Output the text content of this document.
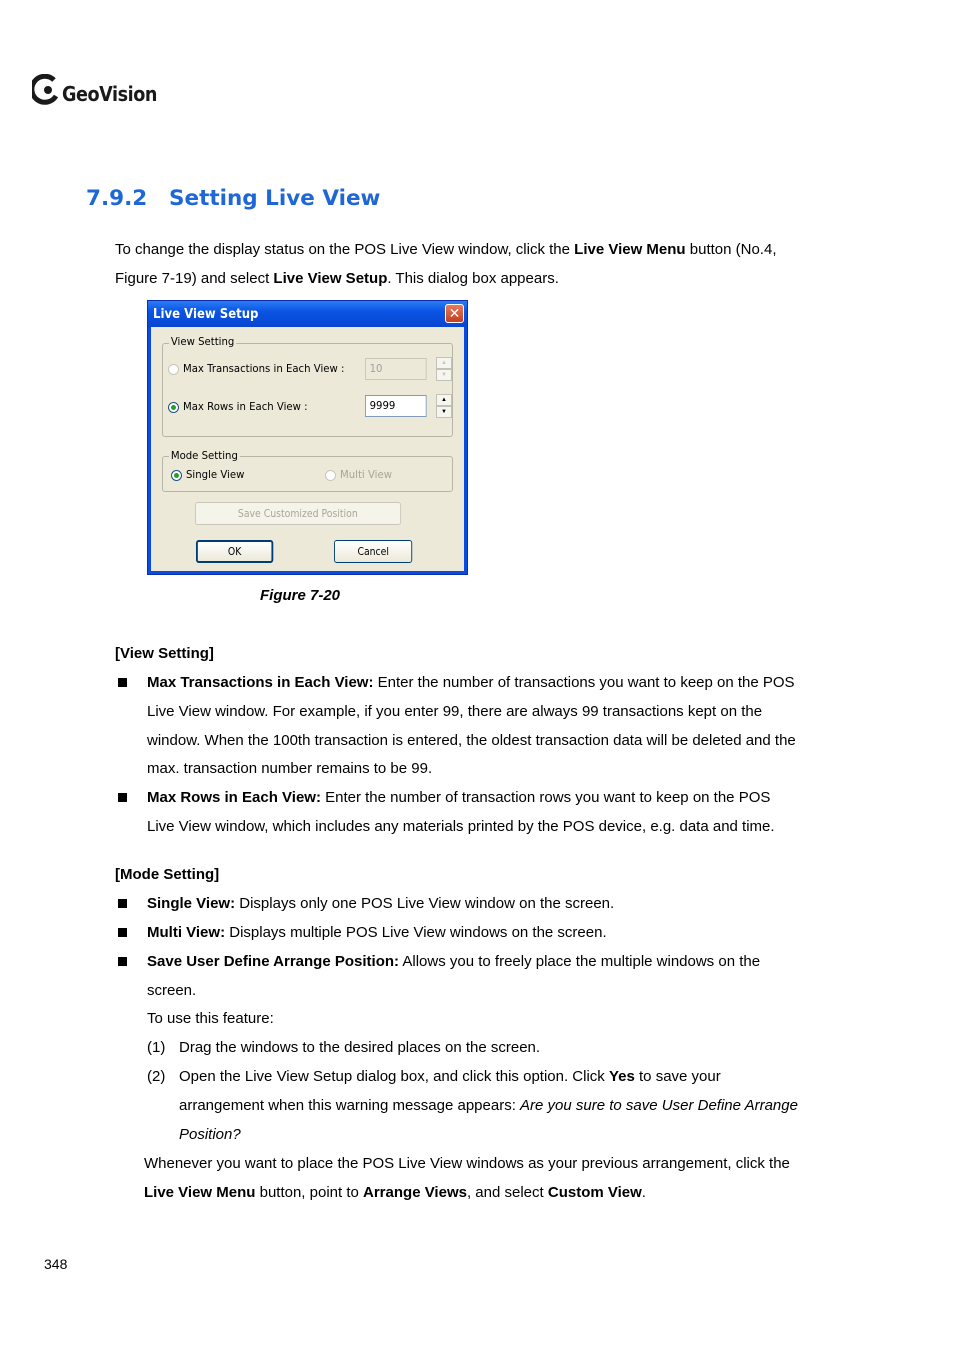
GeoVision
7.9.2 Setting Live View
To change the display status on the POS Live View window, click the Live View Menu button (No.4,
Figure 7-19) and select Live View Setup. This dialog box appears.
Live View Setup	✕
View Setting
Max Transactions in Each View :	10	▲
▼
Max Rows in Each View :	9999	▲
▼
Mode Setting
Single View	Multi View
Save Customized Position
OK	Cancel
Figure 7-20
[View Setting]
Max Transactions in Each View: Enter the number of transactions you want to keep on the POS
Live View window. For example, if you enter 99, there are always 99 transactions kept on the
window. When the 100th transaction is entered, the oldest transaction data will be deleted and the
max. transaction number remains to be 99.
Max Rows in Each View: Enter the number of transaction rows you want to keep on the POS
Live View window, which includes any materials printed by the POS device, e.g. data and time.
[Mode Setting]
Single View: Displays only one POS Live View window on the screen.
Multi View: Displays multiple POS Live View windows on the screen.
Save User Define Arrange Position: Allows you to freely place the multiple windows on the
screen.
To use this feature:
(1) Drag the windows to the desired places on the screen.
(2) Open the Live View Setup dialog box, and click this option. Click Yes to save your
arrangement when this warning message appears: Are you sure to save User Define Arrange
Position?
Whenever you want to place the POS Live View windows as your previous arrangement, click the
Live View Menu button, point to Arrange Views, and select Custom View.
348
